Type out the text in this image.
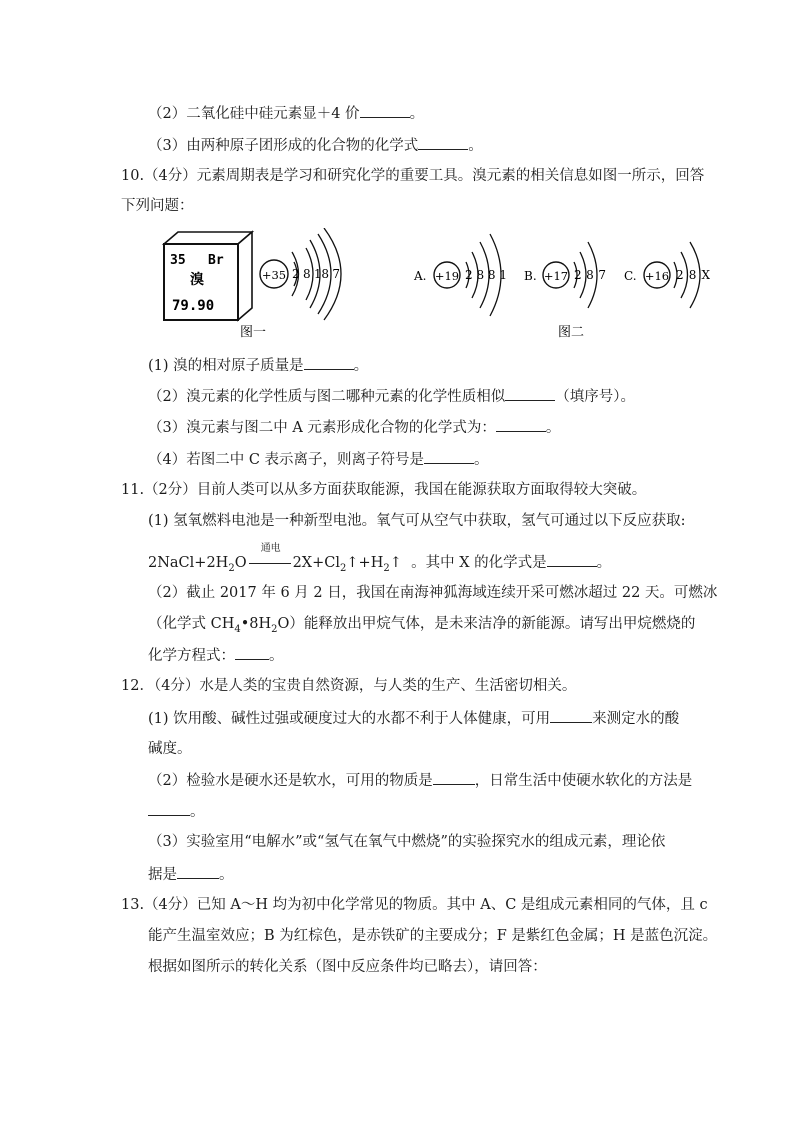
（2）二氧化硅中硅元素显＋4 价	。
（3）由两种原子团形成的化合物的化学式	。
10.（4分）元素周期表是学习和研究化学的重要工具。溴元素的相关信息如图一所示，回答
下列问题：
35 Br
溴
79.90
+35 2 8 18 7	A. +19 2 8 8 1 B. +17 2 8 7 C. +16 2 8 X
图一	图二
(1) 溴的相对原子质量是	。
（2）溴元素的化学性质与图二哪种元素的化学性质相似	（填序号）。
（3）溴元素与图二中 A 元素形成化合物的化学式为：	。
（4）若图二中 C 表示离子，则离子符号是	。
11.（2分）目前人类可以从多方面获取能源，我国在能源获取方面取得较大突破。
(1) 氢氧燃料电池是一种新型电池。氧气可从空气中获取，氢气可通过以下反应获取:
$2NaCl+2H_2O$
通电
$2X+Cl_2↑+H_2↑$ 。其中 X 的化学式是	。
（2）截止 2017 年 6 月 2 日，我国在南海神狐海域连续开采可燃冰超过 22 天。可燃冰
（化学式 $CH_4•8H_2O$）能释放出甲烷气体，是未来洁净的新能源。请写出甲烷燃烧的
化学方程式： 。
12．（4分）水是人类的宝贵自然资源，与人类的生产、生活密切相关。
(1) 饮用酸、碱性过强或硬度过大的水都不利于人体健康，可用	来测定水的酸
碱度。
（2）检验水是硬水还是软水，可用的物质是	，日常生活中使硬水软化的方法是
。
（3）实验室用“电解水”或“氢气在氧气中燃烧”的实验探究水的组成元素，理论依
据是	。
13.（4分）已知 A～H 均为初中化学常见的物质。其中 A、C 是组成元素相同的气体，且 c
能产生温室效应；B 为红棕色，是赤铁矿的主要成分；F 是紫红色金属；H 是蓝色沉淀。
根据如图所示的转化关系（图中反应条件均已略去），请回答：
